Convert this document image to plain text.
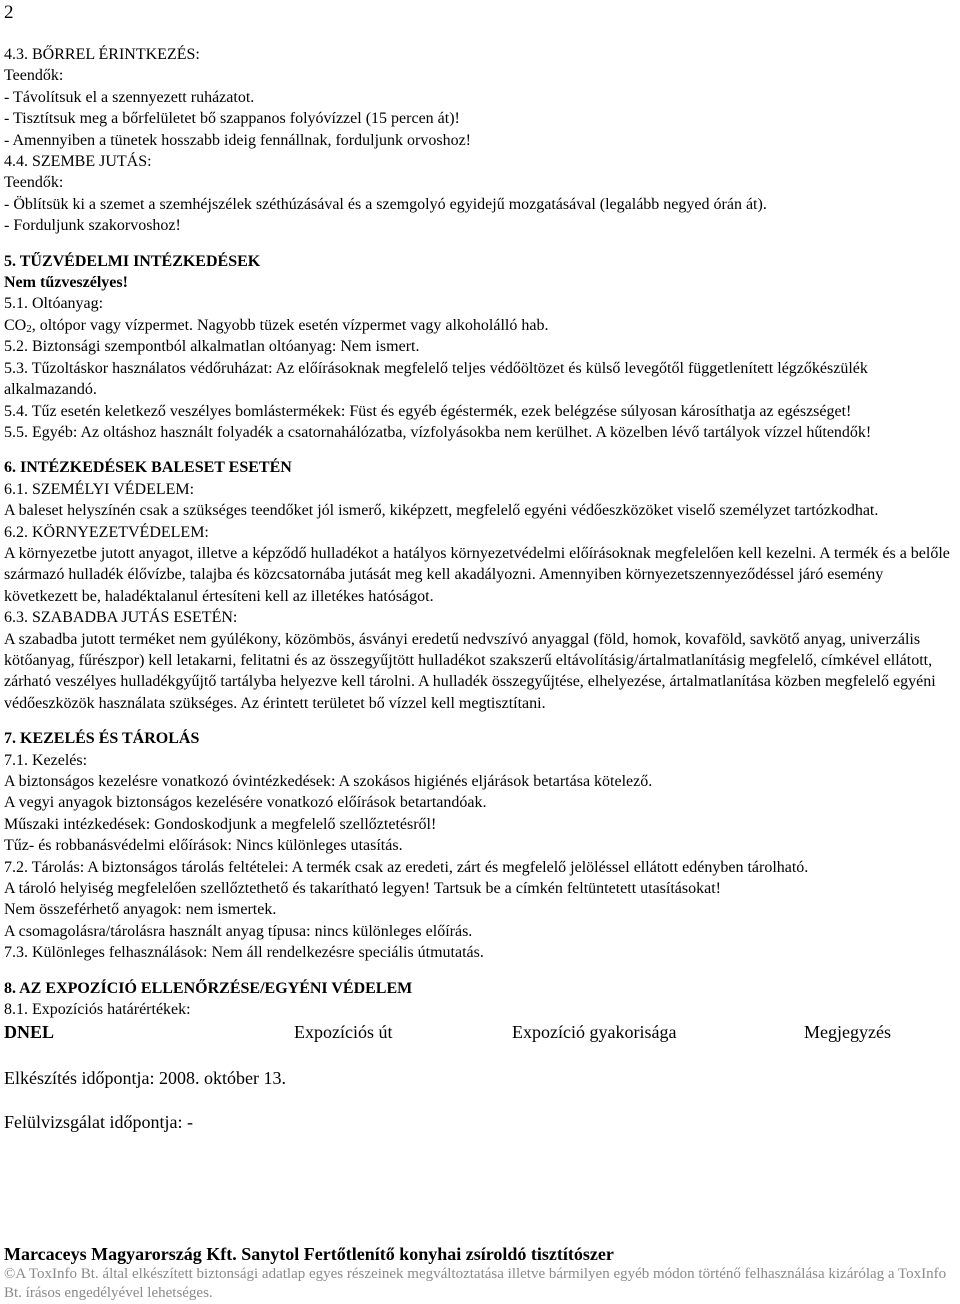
2

4.3. BŐRREL ÉRINTKEZÉS:

Teendők:

- Távolítsuk el a szennyezett ruházatot.

- Tisztítsuk meg a bőrfelületet bő szappanos folyóvízzel (15 percen át)!

- Amennyiben a tünetek hosszabb ideig fennállnak, forduljunk orvoshoz!

4.4. SZEMBE JUTÁS:

Teendők:

- Öblítsük ki a szemet a szemhéjszélek széthúzásával és a szemgolyó egyidejű mozgatásával (legalább negyed órán át).

- Forduljunk szakorvoshoz!

5. TŰZVÉDELMI INTÉZKEDÉSEK

Nem tűzveszélyes!

5.1. Oltóanyag:

CO2, oltópor vagy vízpermet. Nagyobb tüzek esetén vízpermet vagy alkoholálló hab.

5.2. Biztonsági szempontból alkalmatlan oltóanyag: Nem ismert.

5.3. Tűzoltáskor használatos védőruházat: Az előírásoknak megfelelő teljes védőöltözet és külső levegőtől függetlenített légzőkészülék alkalmazandó.

5.4. Tűz esetén keletkező veszélyes bomlástermékek: Füst és egyéb égéstermék, ezek belégzése súlyosan károsíthatja az egészséget!

5.5. Egyéb: Az oltáshoz használt folyadék a csatornahálózatba, vízfolyásokba nem kerülhet. A közelben lévő tartályok vízzel hűtendők!

6. INTÉZKEDÉSEK BALESET ESETÉN

6.1. SZEMÉLYI VÉDELEM:

A baleset helyszínén csak a szükséges teendőket jól ismerő, kiképzett, megfelelő egyéni védőeszközöket viselő személyzet tartózkodhat.

6.2. KÖRNYEZETVÉDELEM:

A környezetbe jutott anyagot, illetve a képződő hulladékot a hatályos környezetvédelmi előírásoknak megfelelően kell kezelni. A termék és a belőle származó hulladék élővízbe, talajba és közcsatornába jutását meg kell akadályozni. Amennyiben környezetszennyeződéssel járó esemény következett be, haladéktalanul értesíteni kell az illetékes hatóságot.

6.3. SZABADBA JUTÁS ESETÉN:

A szabadba jutott terméket nem gyúlékony, közömbös, ásványi eredetű nedvszívó anyaggal (föld, homok, kovaföld, savkötő anyag, univerzális kötőanyag, fűrészpor) kell letakarni, felitatni és az összegyűjtött hulladékot szakszerű eltávolításig/ártalmatlanításig megfelelő, címkével ellátott, zárható veszélyes hulladékgyűjtő tartályba helyezve kell tárolni. A hulladék összegyűjtése, elhelyezése, ártalmatlanítása közben megfelelő egyéni védőeszközök használata szükséges. Az érintett területet bő vízzel kell megtisztítani.

7. KEZELÉS ÉS TÁROLÁS

7.1. Kezelés:

A biztonságos kezelésre vonatkozó óvintézkedések: A szokásos higiénés eljárások betartása kötelező.

A vegyi anyagok biztonságos kezelésére vonatkozó előírások betartandóak.

Műszaki intézkedések: Gondoskodjunk a megfelelő szellőztetésről!

Tűz- és robbanásvédelmi előírások: Nincs különleges utasítás.

7.2. Tárolás: A biztonságos tárolás feltételei: A termék csak az eredeti, zárt és megfelelő jelöléssel ellátott edényben tárolható.

A tároló helyiség megfelelően szellőztethető és takarítható legyen! Tartsuk be a címkén feltüntetett utasításokat!

Nem összeférhető anyagok: nem ismertek.

A csomagolásra/tárolásra használt anyag típusa: nincs különleges előírás.

7.3. Különleges felhasználások: Nem áll rendelkezésre speciális útmutatás.

8. AZ EXPOZÍCIÓ ELLENŐRZÉSE/EGYÉNI VÉDELEM

8.1. Expozíciós határértékek:

DNEL	Expozíciós út	Expozíció gyakorisága	Megjegyzés

Elkészítés időpontja: 2008. október 13.

Felülvizsgálat időpontja: -

Marcaceys Magyarország Kft. Sanytol Fertőtlenítő konyhai zsíroldó tisztítószer
©A ToxInfo Bt. által elkészített biztonsági adatlap egyes részeinek megváltoztatása illetve bármilyen egyéb módon történő felhasználása kizárólag a ToxInfo Bt. írásos engedélyével lehetséges.
